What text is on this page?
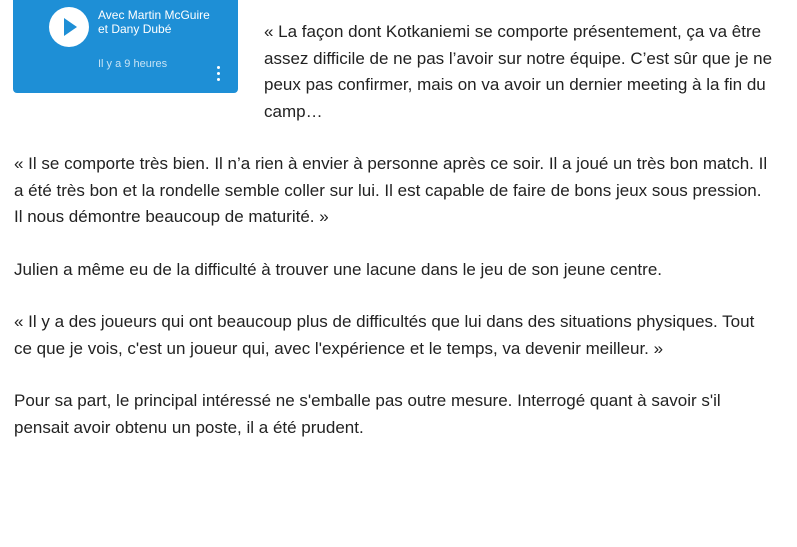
Avec Martin McGuire et Dany Dubé
Il y a 9 heures

« La façon dont Kotkaniemi se comporte présentement, ça va être assez difficile de ne pas l’avoir sur notre équipe. C’est sûr que je ne peux pas confirmer, mais on va avoir un dernier meeting à la fin du camp…

« Il se comporte très bien. Il n’a rien à envier à personne après ce soir. Il a joué un très bon match. Il a été très bon et la rondelle semble coller sur lui. Il est capable de faire de bons jeux sous pression. Il nous démontre beaucoup de maturité. »

Julien a même eu de la difficulté à trouver une lacune dans le jeu de son jeune centre.

« Il y a des joueurs qui ont beaucoup plus de difficultés que lui dans des situations physiques. Tout ce que je vois, c'est un joueur qui, avec l'expérience et le temps, va devenir meilleur. »

Pour sa part, le principal intéressé ne s'emballe pas outre mesure. Interrogé quant à savoir s'il pensait avoir obtenu un poste, il a été prudent.
